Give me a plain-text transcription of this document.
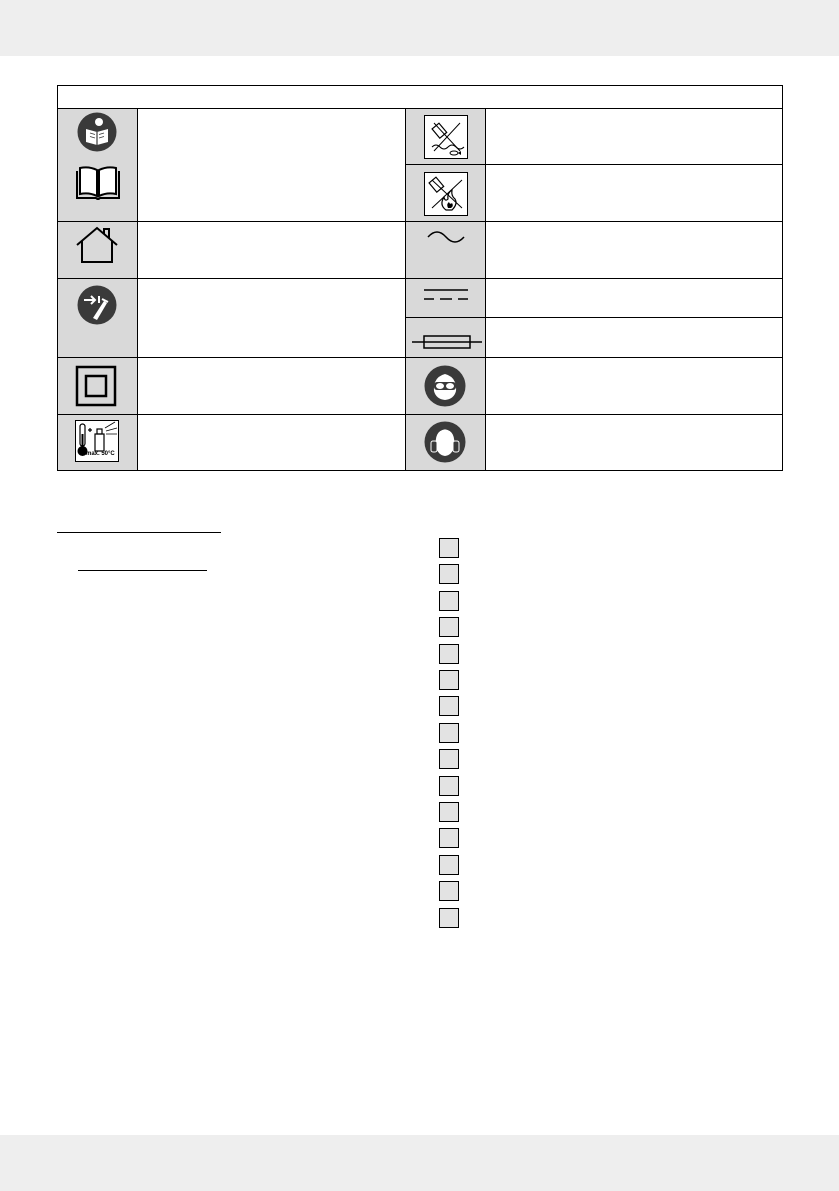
max. 50°C
